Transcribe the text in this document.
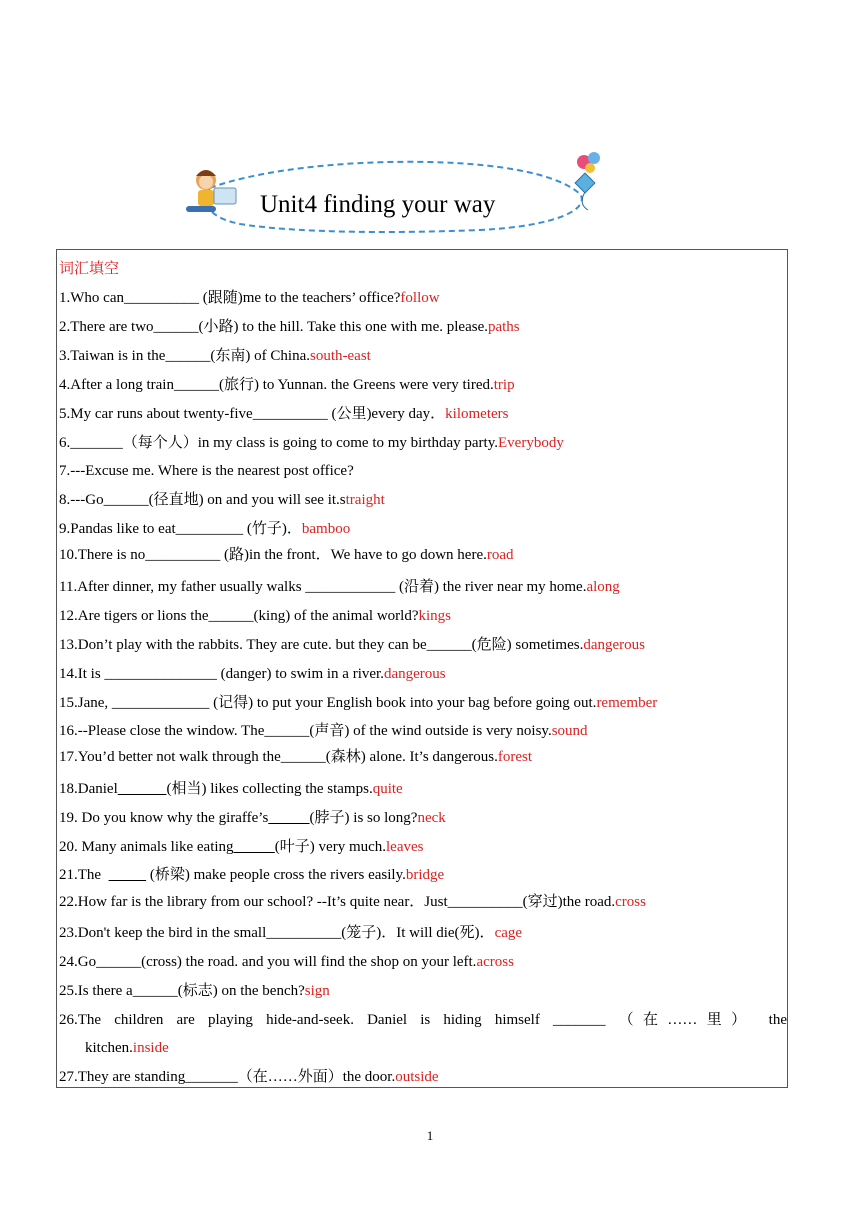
Unit4 finding your way
词汇填空
1.Who can__________ (跟随)me to the teachers’ office?follow
2.There are two______(小路) to the hill. Take this one with me. please.paths
3.Taiwan is in the______(东南) of China.south-east
4.After a long train______(旅行) to Yunnan. the Greens were very tired.trip
5.My car runs about twenty-five__________ (公里)every day．kilometers
6._______（每个人）in my class is going to come to my birthday party.Everybody
7.---Excuse me. Where is the nearest post office?
8.---Go______(径直地) on and you will see it.straight
9.Pandas like to eat_________ (竹子)．bamboo
10.There is no__________ (路)in the front．We have to go down here.road
11.After dinner, my father usually walks ____________ (沿着) the river near my home.along
12.Are tigers or lions the______(king) of the animal world?kings
13.Don’t play with the rabbits. They are cute. but they can be______(危险) sometimes.dangerous
14.It is _______________ (danger) to swim in a river.dangerous
15.Jane, _____________ (记得) to put your English book into your bag before going out.remember
16.--Please close the window. The______(声音) of the wind outside is very noisy.sound
17.You’d better not walk through the______(森林) alone. It’s dangerous.forest
18.Daniel	(相当) likes collecting the stamps.quite
19. Do you know why the giraffe’s	(脖子) is so long?neck
20. Many animals like eating	(叶子) very much.leaves
21.The	(桥梁) make people cross the rivers easily.bridge
22.How far is the library from our school? --It’s quite near．Just__________(穿过)the road.cross
23.Don't keep the bird in the small__________(笼子)．It will die(死)．cage
24.Go______(cross) the road. and you will find the shop on your left.across
25.Is there a______(标志) on the bench?sign
26.The children are playing hide-and-seek. Daniel is hiding himself _______ （在……里） the
kitchen.inside
27.They are standing_______（在……外面）the door.outside
1
